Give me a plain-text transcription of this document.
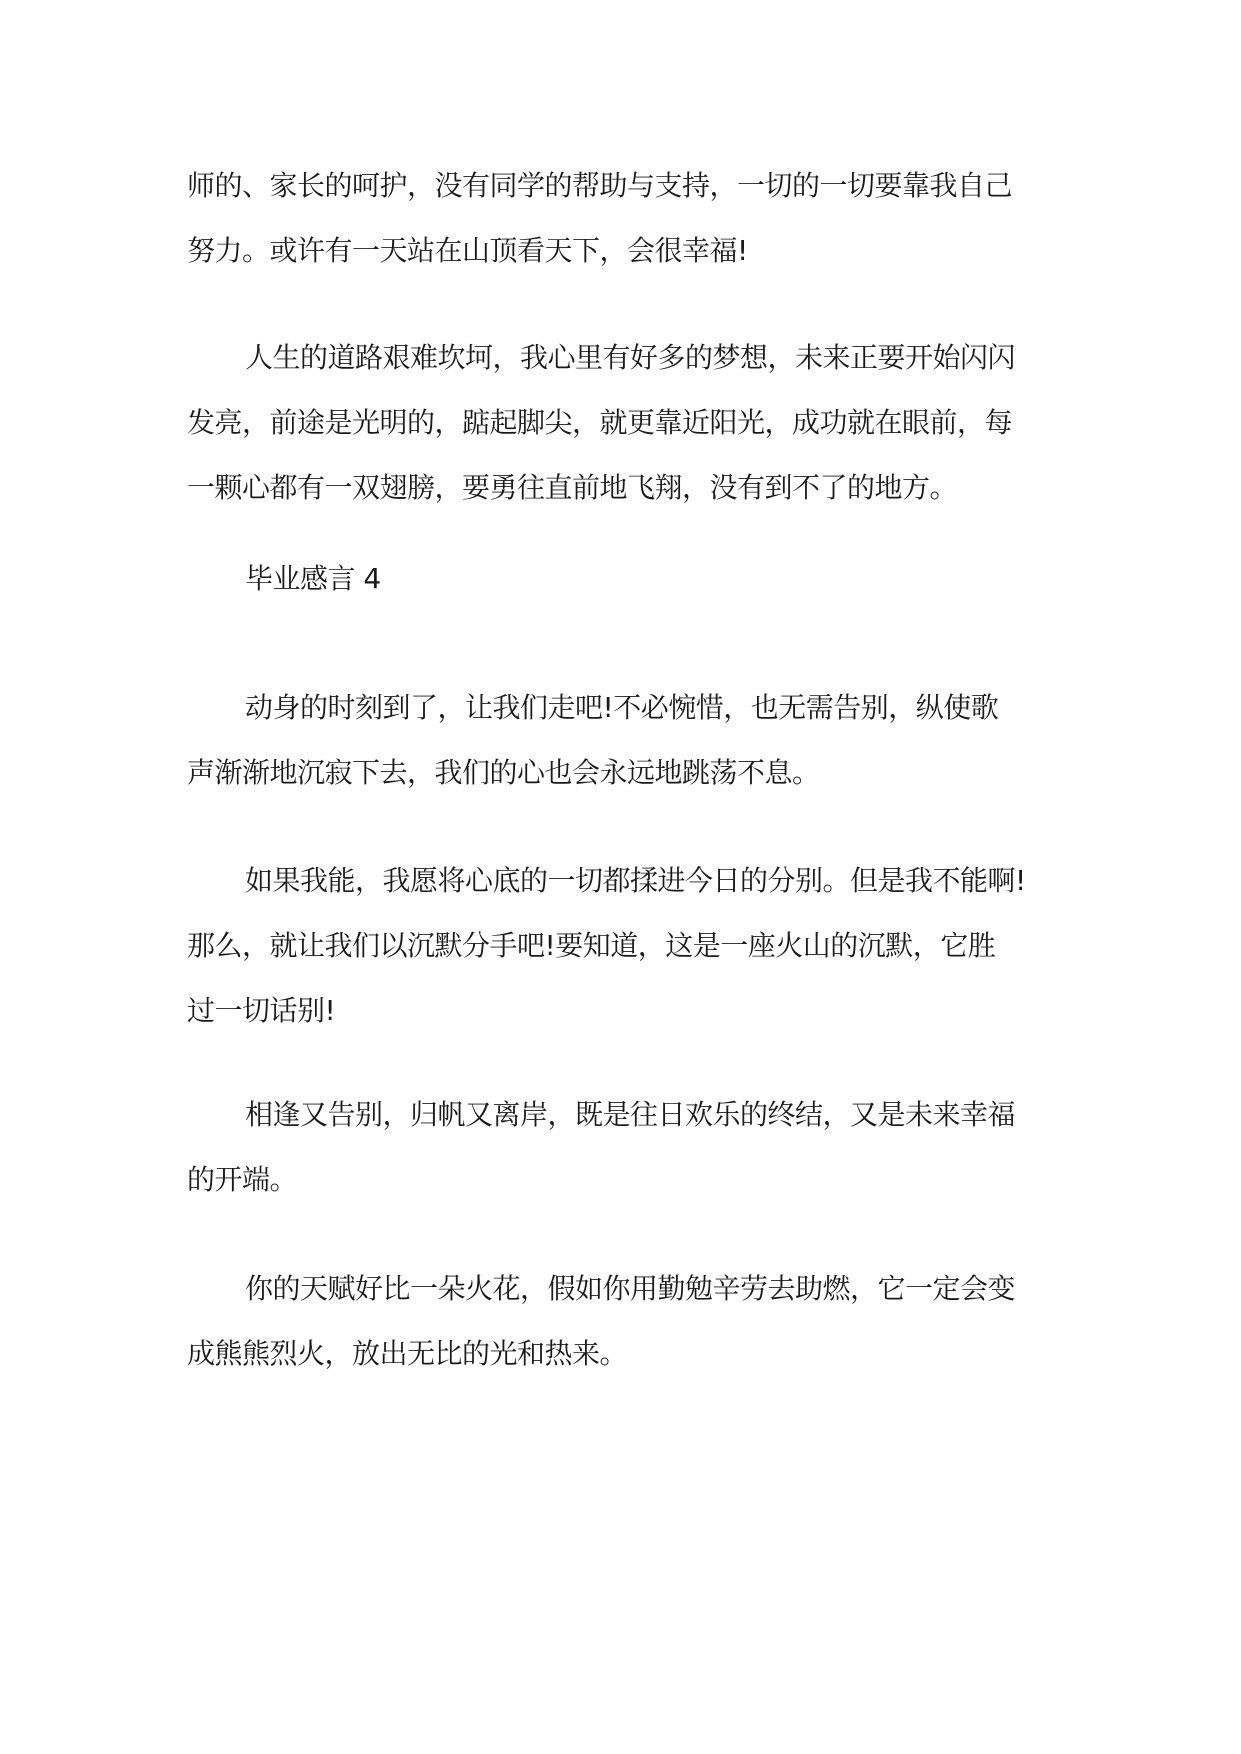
师的、家长的呵护，没有同学的帮助与支持，一切的一切要靠我自己
努力。或许有一天站在山顶看天下，会很幸福!
人生的道路艰难坎坷，我心里有好多的梦想，未来正要开始闪闪
发亮，前途是光明的，踮起脚尖，就更靠近阳光，成功就在眼前，每
一颗心都有一双翅膀，要勇往直前地飞翔，没有到不了的地方。
毕业感言 4
动身的时刻到了，让我们走吧!不必惋惜，也无需告别，纵使歌
声渐渐地沉寂下去，我们的心也会永远地跳荡不息。
如果我能，我愿将心底的一切都揉进今日的分别。但是我不能啊!
那么，就让我们以沉默分手吧!要知道，这是一座火山的沉默，它胜
过一切话别!
相逢又告别，归帆又离岸，既是往日欢乐的终结，又是未来幸福
的开端。
你的天赋好比一朵火花，假如你用勤勉辛劳去助燃，它一定会变
成熊熊烈火，放出无比的光和热来。
